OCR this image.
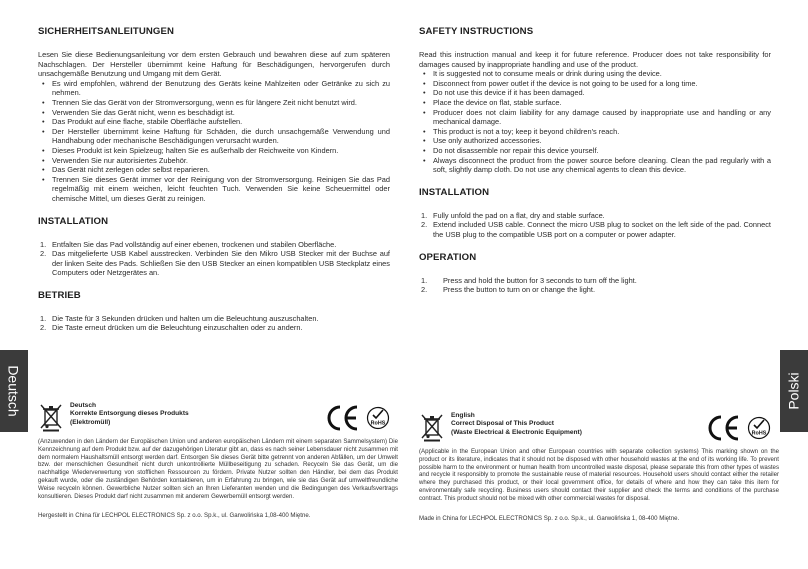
SICHERHEITSANLEITUNGEN

Lesen Sie diese Bedienungsanleitung vor dem ersten Gebrauch und bewahren diese auf zum späteren Nachschlagen. Der Hersteller übernimmt keine Haftung für Beschädigungen, hervorgerufen durch unsachgemäße Benutzung und Umgang mit dem Gerät.

• Es wird empfohlen, während der Benutzung des Geräts keine Mahlzeiten oder Getränke zu sich zu nehmen.
• Trennen Sie das Gerät von der Stromversorgung, wenn es für längere Zeit nicht benutzt wird.
• Verwenden Sie das Gerät nicht, wenn es beschädigt ist.
• Das Produkt auf eine flache, stabile Oberfläche aufstellen.
• Der Hersteller übernimmt keine Haftung für Schäden, die durch unsachgemäße Verwendung und Handhabung oder mechanische Beschädigungen verursacht wurden.
• Dieses Produkt ist kein Spielzeug; halten Sie es außerhalb der Reichweite von Kindern.
• Verwenden Sie nur autorisiertes Zubehör.
• Das Gerät nicht zerlegen oder selbst reparieren.
• Trennen Sie dieses Gerät immer vor der Reinigung von der Stromversorgung. Reinigen Sie das Pad regelmäßig mit einem weichen, leicht feuchten Tuch. Verwenden Sie keine Scheuermittel oder chemische Mittel, um dieses Gerät zu reinigen.
INSTALLATION
1. Entfalten Sie das Pad vollständig auf einer ebenen, trockenen und stabilen Oberfläche.
2. Das mitgelieferte USB Kabel ausstrecken. Verbinden Sie den Mikro USB Stecker mit der Buchse auf der linken Seite des Pads. Schließen Sie den USB Stecker an einen kompatiblen USB Steckplatz eines Computers oder Netzgerätes an.
BETRIEB
1. Die Taste für 3 Sekunden drücken und halten um die Beleuchtung auszuschalten.
2. Die Taste erneut drücken um die Beleuchtung einzuschalten oder zu andern.
SAFETY INSTRUCTIONS

Read this instruction manual and keep it for future reference. Producer does not take responsibility for damages caused by inappropriate handling and use of the product.

• It is suggested not to consume meals or drink during using the device.
• Disconnect from power outlet if the device is not going to be used for a long time.
• Do not use this device if it has been damaged.
• Place the device on flat, stable surface.
• Producer does not claim liability for any damage caused by inappropriate use and handling or any mechanical damage.
• This product is not a toy; keep it beyond children's reach.
• Use only authorized accessories.
• Do not disassemble nor repair this device yourself.
• Always disconnect the product from the power source before cleaning. Clean the pad regularly with a soft, slightly damp cloth. Do not use any chemical agents to clean this device.
INSTALLATION
1. Fully unfold the pad on a flat, dry and stable surface.
2. Extend included USB cable. Connect the micro USB plug to socket on the left side of the pad. Connect the USB plug to the compatible USB port on a computer or power adapter.
OPERATION
1. Press and hold the button for 3 seconds to turn off the light.
2. Press the button to turn on or change the light.
Deutsch	Polski
Deutsch
Korrekte Entsorgung dieses Produkts
(Elektromüll)	RoHS

(Anzuwenden in den Ländern der Europäischen Union und anderen europäischen Ländern mit einem separaten Sammelsystem) Die Kennzeichnung auf dem Produkt bzw. auf der dazugehörigen Literatur gibt an, dass es nach seiner Lebensdauer nicht zusammen mit dem normalem Haushaltsmüll entsorgt werden darf. Entsorgen Sie dieses Gerät bitte getrennt von anderen Abfällen, um der Umwelt bzw. der menschlichen Gesundheit nicht durch unkontrollierte Müllbeseitigung zu schaden. Recyceln Sie das Gerät, um die nachhaltige Wiederverwertung von stofflichen Ressourcen zu fördern. Private Nutzer sollten den Händler, bei dem das Produkt gekauft wurde, oder die zuständigen Behörden kontaktieren, um in Erfahrung zu bringen, wie sie das Gerät auf umweltfreundliche Weise recyceln können. Gewerbliche Nutzer sollten sich an Ihren Lieferanten wenden und die Bedingungen des Verkaufsvertrags konsultieren. Dieses Produkt darf nicht zusammen mit anderem Gewerbemüll entsorgt werden.

Hergestellt in China für LECHPOL ELECTRONICS Sp. z o.o. Sp.k., ul. Garwolińska 1,08-400 Miętne.

English
Correct Disposal of This Product
(Waste Electrical & Electronic Equipment)	RoHS

(Applicable in the European Union and other European countries with separate collection systems) This marking shown on the product or its literature, indicates that it should not be disposed with other household wastes at the end of its working life. To prevent possible harm to the environment or human health from uncontrolled waste disposal, please separate this from other types of wastes and recycle it responsibly to promote the sustainable reuse of material resources. Household users should contact either the retailer where they purchased this product, or their local government office, for details of where and how they can take this item for environmentally safe recycling. Business users should contact their supplier and check the terms and conditions of the purchase contract. This product should not be mixed with other commercial wastes for disposal.

Made in China for LECHPOL ELECTRONICS Sp. z o.o. Sp.k., ul. Garwolińska 1, 08-400 Miętne.
